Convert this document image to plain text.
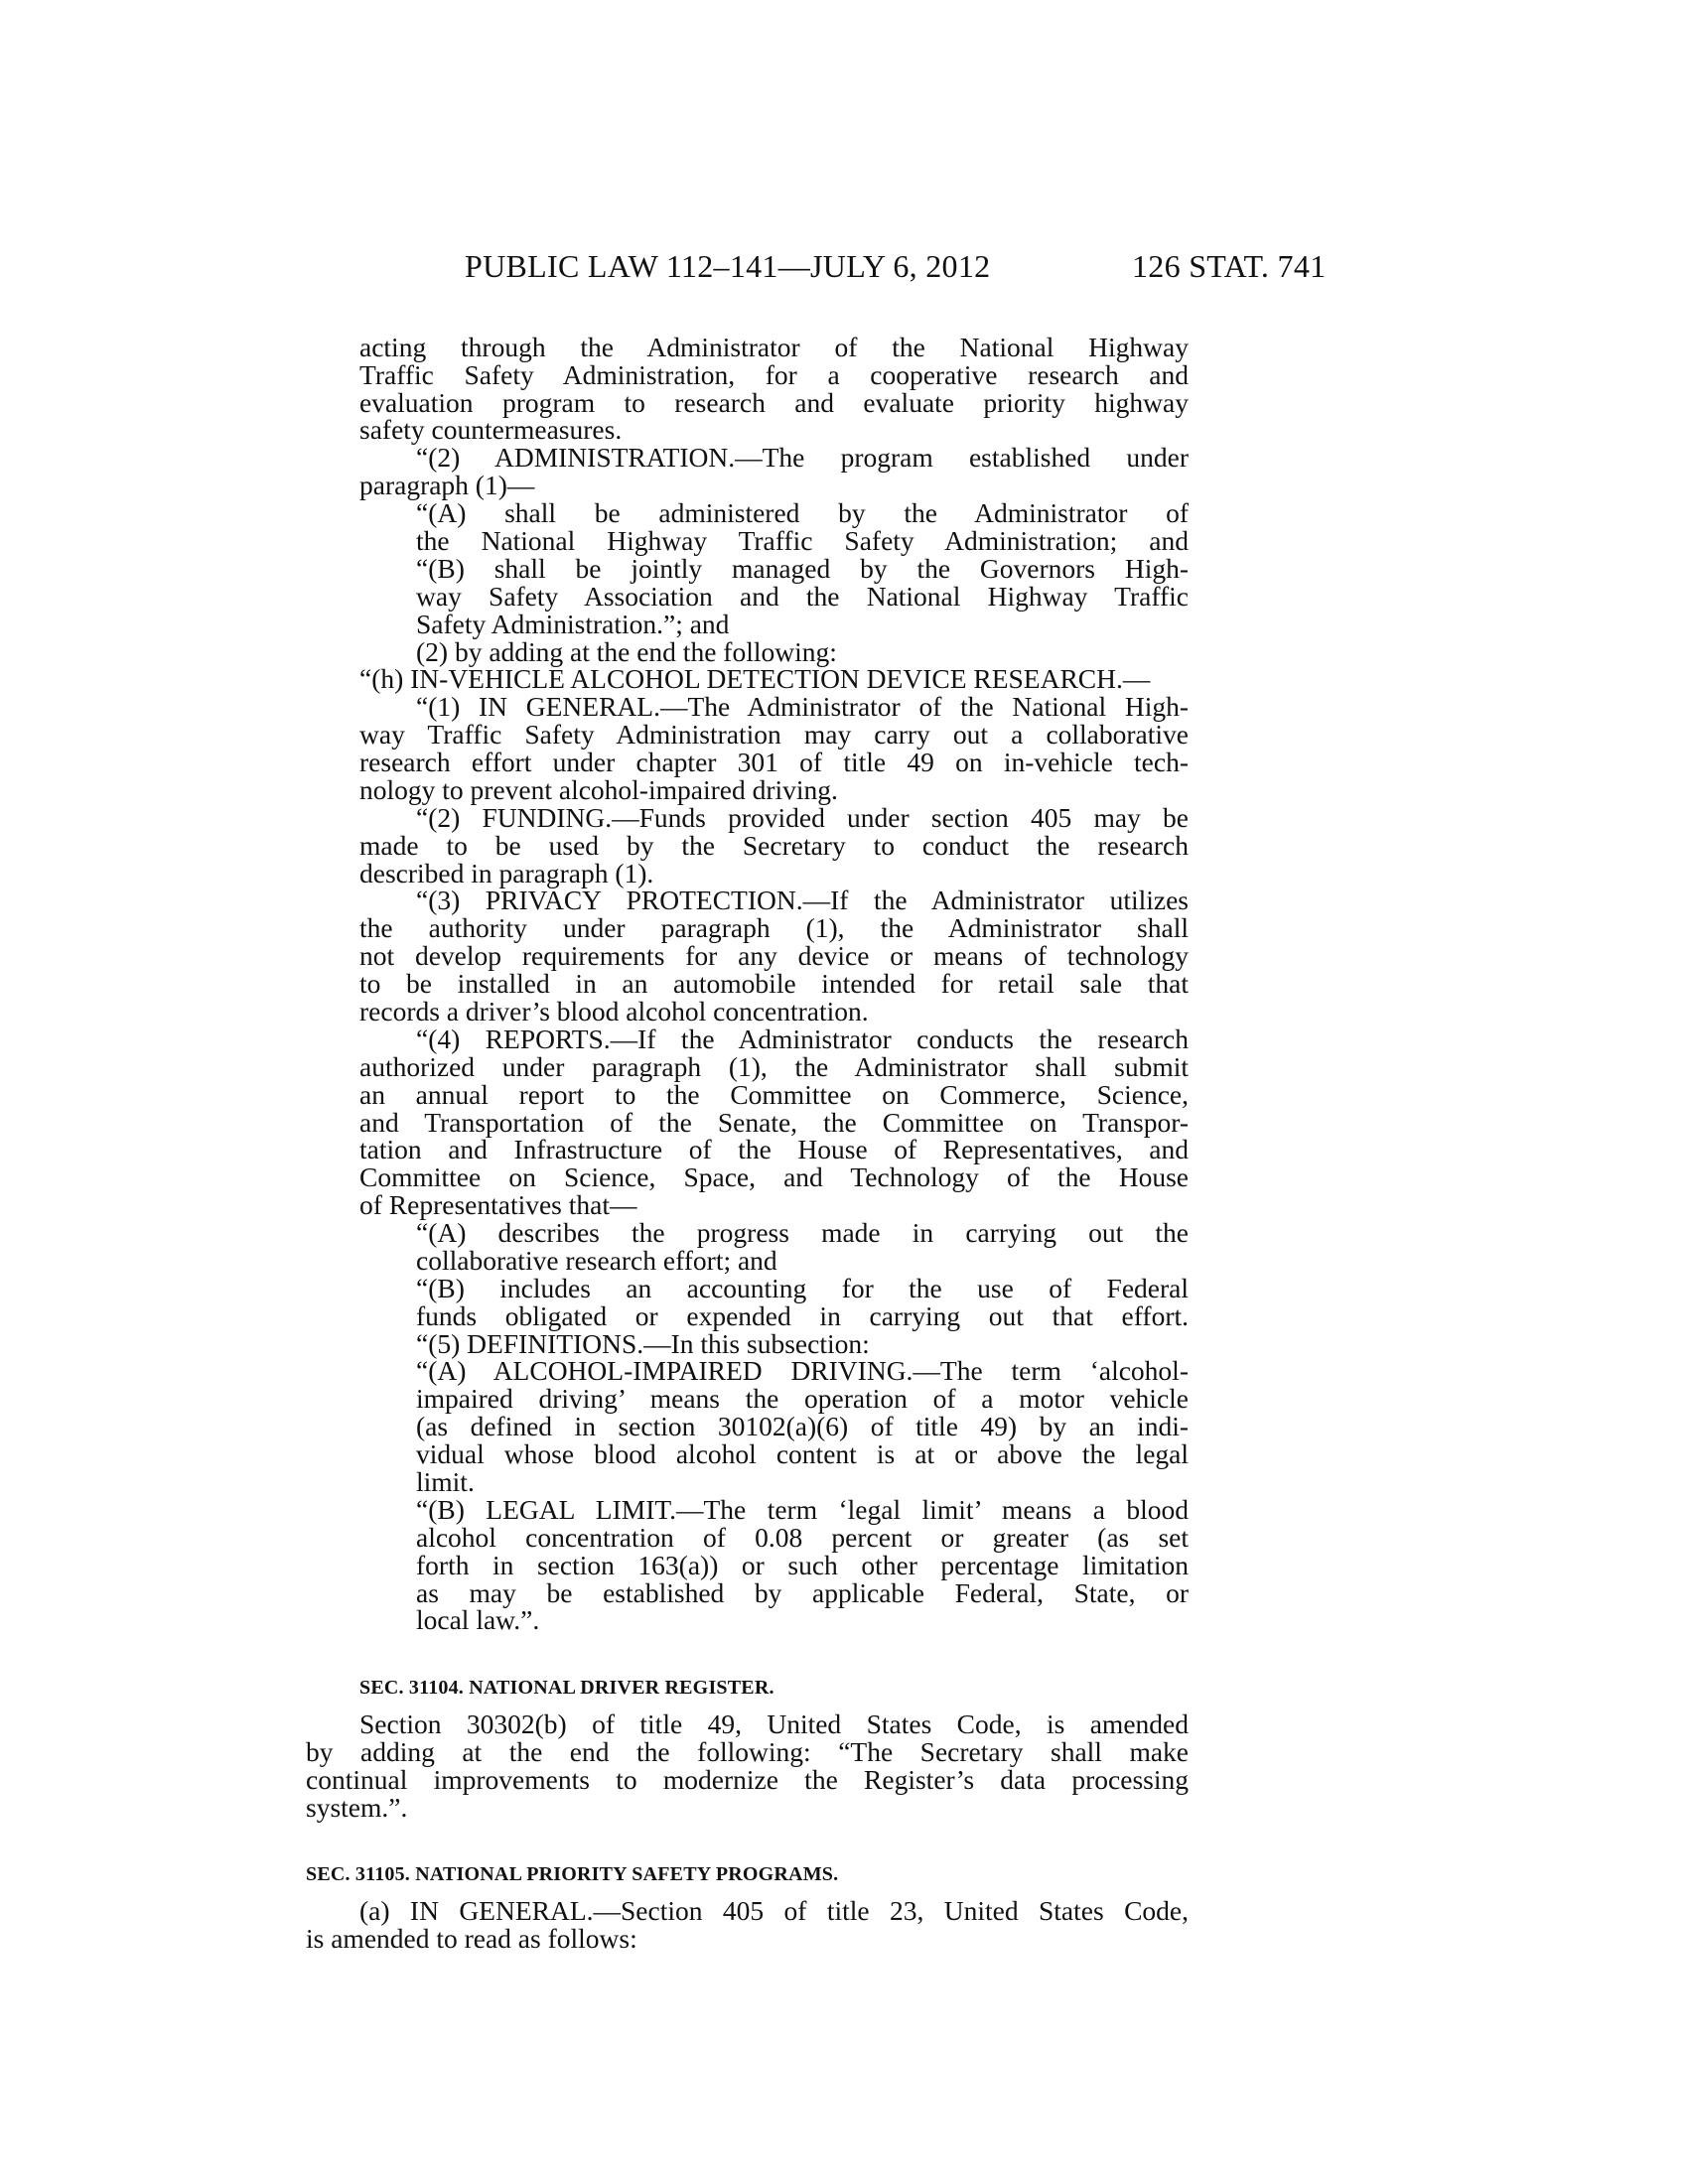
PUBLIC LAW 112–141—JULY 6, 2012	126 STAT. 741
acting through the Administrator of the National Highway
Traffic Safety Administration, for a cooperative research and
evaluation program to research and evaluate priority highway
safety countermeasures.
“(2) ADMINISTRATION.—The program established under
paragraph (1)—
“(A) shall be administered by the Administrator of
the National Highway Traffic Safety Administration; and
“(B) shall be jointly managed by the Governors High-
way Safety Association and the National Highway Traffic
Safety Administration.”; and
(2) by adding at the end the following:
“(h) IN-VEHICLE ALCOHOL DETECTION DEVICE RESEARCH.—
“(1) IN GENERAL.—The Administrator of the National High-
way Traffic Safety Administration may carry out a collaborative
research effort under chapter 301 of title 49 on in-vehicle tech-
nology to prevent alcohol-impaired driving.
“(2) FUNDING.—Funds provided under section 405 may be
made to be used by the Secretary to conduct the research
described in paragraph (1).
“(3) PRIVACY PROTECTION.—If the Administrator utilizes
the authority under paragraph (1), the Administrator shall
not develop requirements for any device or means of technology
to be installed in an automobile intended for retail sale that
records a driver’s blood alcohol concentration.
“(4) REPORTS.—If the Administrator conducts the research
authorized under paragraph (1), the Administrator shall submit
an annual report to the Committee on Commerce, Science,
and Transportation of the Senate, the Committee on Transpor-
tation and Infrastructure of the House of Representatives, and
Committee on Science, Space, and Technology of the House
of Representatives that—
“(A) describes the progress made in carrying out the
collaborative research effort; and
“(B) includes an accounting for the use of Federal
funds obligated or expended in carrying out that effort.
“(5) DEFINITIONS.—In this subsection:
“(A) ALCOHOL-IMPAIRED DRIVING.—The term ‘alcohol-
impaired driving’ means the operation of a motor vehicle
(as defined in section 30102(a)(6) of title 49) by an indi-
vidual whose blood alcohol content is at or above the legal
limit.
“(B) LEGAL LIMIT.—The term ‘legal limit’ means a blood
alcohol concentration of 0.08 percent or greater (as set
forth in section 163(a)) or such other percentage limitation
as may be established by applicable Federal, State, or
local law.”.
SEC. 31104. NATIONAL DRIVER REGISTER.
Section 30302(b) of title 49, United States Code, is amended
by adding at the end the following: “The Secretary shall make
continual improvements to modernize the Register’s data processing
system.”.
SEC. 31105. NATIONAL PRIORITY SAFETY PROGRAMS.
(a) IN GENERAL.—Section 405 of title 23, United States Code,
is amended to read as follows:
